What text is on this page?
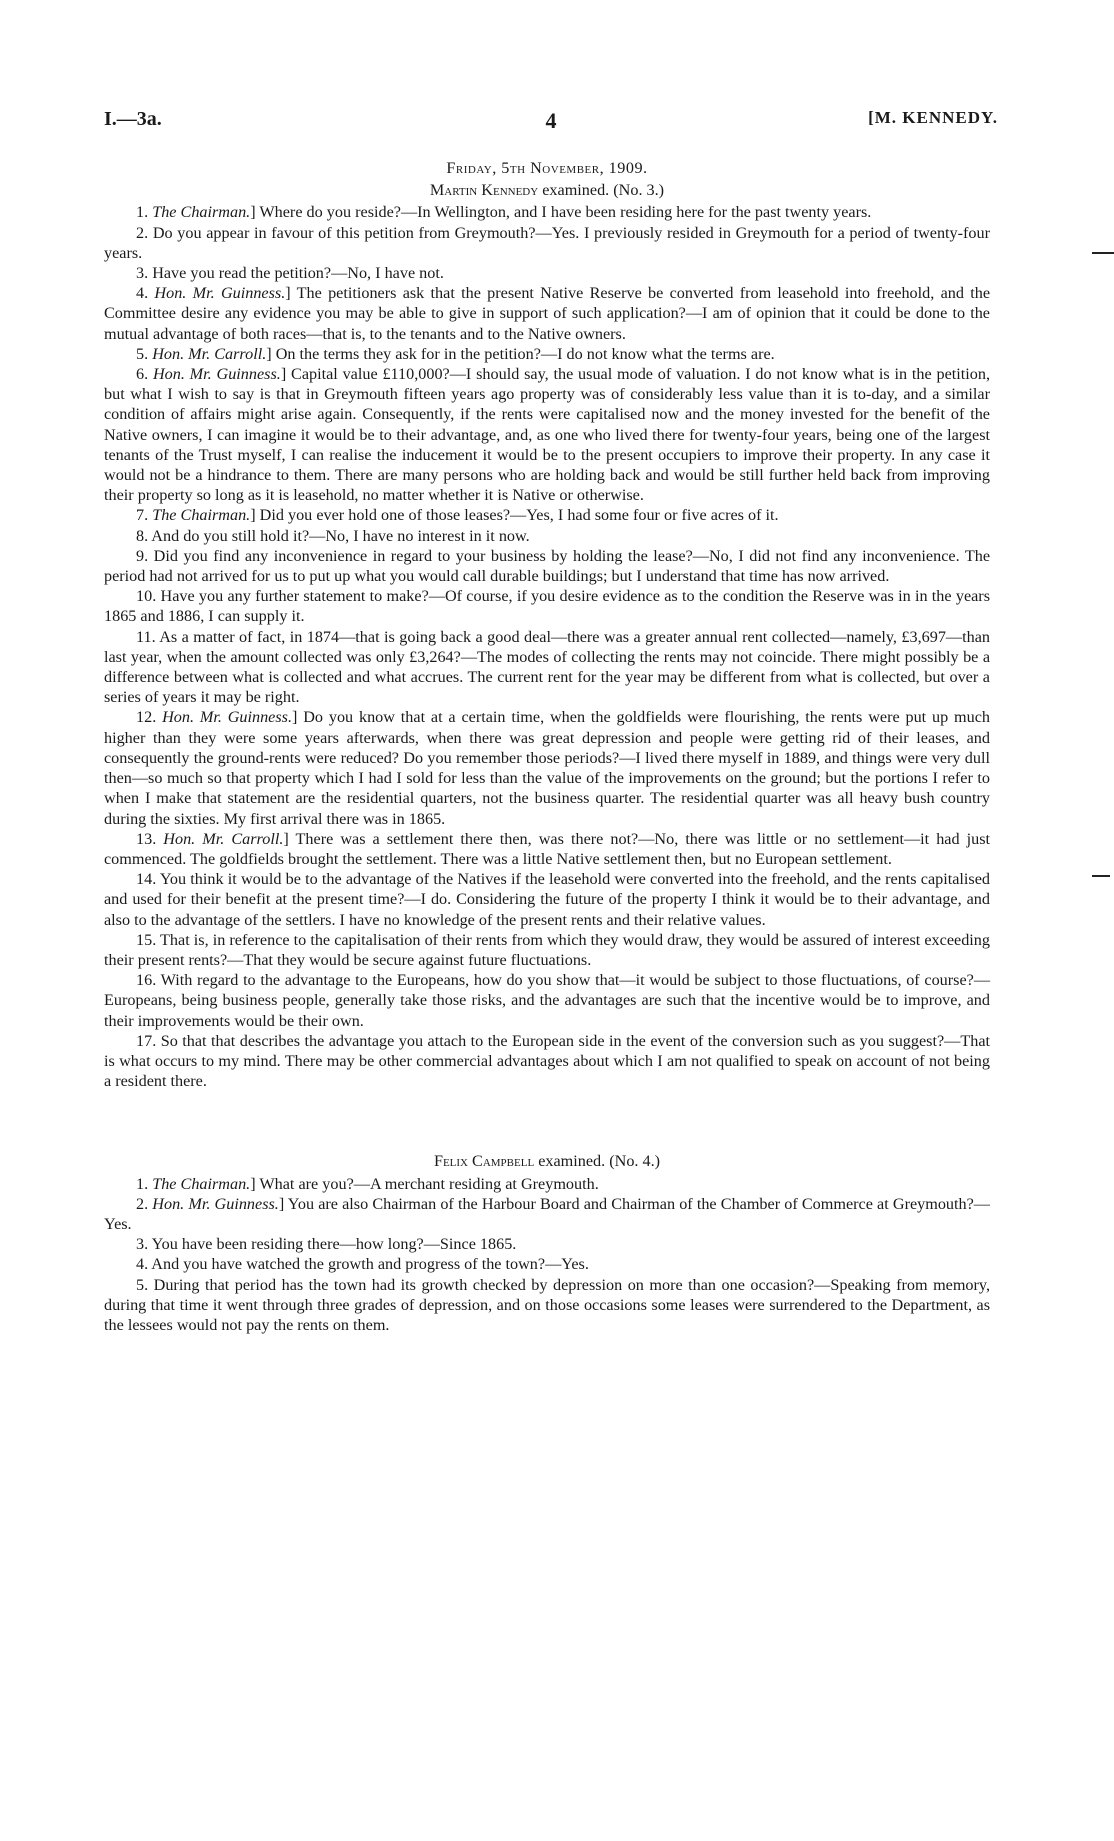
I.—3a.	4	[M. KENNEDY.

Friday, 5th November, 1909.

Martin Kennedy examined. (No. 3.)

1. The Chairman.] Where do you reside?—In Wellington, and I have been residing here for the past twenty years.

2. Do you appear in favour of this petition from Greymouth?—Yes. I previously resided in Greymouth for a period of twenty-four years.

3. Have you read the petition?—No, I have not.

4. Hon. Mr. Guinness.] The petitioners ask that the present Native Reserve be converted from leasehold into freehold, and the Committee desire any evidence you may be able to give in support of such application?—I am of opinion that it could be done to the mutual advantage of both races—that is, to the tenants and to the Native owners.

5. Hon. Mr. Carroll.] On the terms they ask for in the petition?—I do not know what the terms are.

6. Hon. Mr. Guinness.] Capital value £110,000?—I should say, the usual mode of valuation. I do not know what is in the petition, but what I wish to say is that in Greymouth fifteen years ago property was of considerably less value than it is to-day, and a similar condition of affairs might arise again. Consequently, if the rents were capitalised now and the money invested for the benefit of the Native owners, I can imagine it would be to their advantage, and, as one who lived there for twenty-four years, being one of the largest tenants of the Trust myself, I can realise the inducement it would be to the present occupiers to improve their property. In any case it would not be a hindrance to them. There are many persons who are holding back and would be still further held back from improving their property so long as it is leasehold, no matter whether it is Native or otherwise.

7. The Chairman.] Did you ever hold one of those leases?—Yes, I had some four or five acres of it.

8. And do you still hold it?—No, I have no interest in it now.

9. Did you find any inconvenience in regard to your business by holding the lease?—No, I did not find any inconvenience. The period had not arrived for us to put up what you would call durable buildings; but I understand that time has now arrived.

10. Have you any further statement to make?—Of course, if you desire evidence as to the condition the Reserve was in in the years 1865 and 1886, I can supply it.

11. As a matter of fact, in 1874—that is going back a good deal—there was a greater annual rent collected—namely, £3,697—than last year, when the amount collected was only £3,264?—The modes of collecting the rents may not coincide. There might possibly be a difference between what is collected and what accrues. The current rent for the year may be different from what is collected, but over a series of years it may be right.

12. Hon. Mr. Guinness.] Do you know that at a certain time, when the goldfields were flourishing, the rents were put up much higher than they were some years afterwards, when there was great depression and people were getting rid of their leases, and consequently the ground-rents were reduced? Do you remember those periods?—I lived there myself in 1889, and things were very dull then—so much so that property which I had I sold for less than the value of the improvements on the ground; but the portions I refer to when I make that statement are the residential quarters, not the business quarter. The residential quarter was all heavy bush country during the sixties. My first arrival there was in 1865.

13. Hon. Mr. Carroll.] There was a settlement there then, was there not?—No, there was little or no settlement—it had just commenced. The goldfields brought the settlement. There was a little Native settlement then, but no European settlement.

14. You think it would be to the advantage of the Natives if the leasehold were converted into the freehold, and the rents capitalised and used for their benefit at the present time?—I do. Considering the future of the property I think it would be to their advantage, and also to the advantage of the settlers. I have no knowledge of the present rents and their relative values.

15. That is, in reference to the capitalisation of their rents from which they would draw, they would be assured of interest exceeding their present rents?—That they would be secure against future fluctuations.

16. With regard to the advantage to the Europeans, how do you show that—it would be subject to those fluctuations, of course?—Europeans, being business people, generally take those risks, and the advantages are such that the incentive would be to improve, and their improvements would be their own.

17. So that that describes the advantage you attach to the European side in the event of the conversion such as you suggest?—That is what occurs to my mind. There may be other commercial advantages about which I am not qualified to speak on account of not being a resident there.

Felix Campbell examined. (No. 4.)

1. The Chairman.] What are you?—A merchant residing at Greymouth.

2. Hon. Mr. Guinness.] You are also Chairman of the Harbour Board and Chairman of the Chamber of Commerce at Greymouth?—Yes.

3. You have been residing there—how long?—Since 1865.

4. And you have watched the growth and progress of the town?—Yes.

5. During that period has the town had its growth checked by depression on more than one occasion?—Speaking from memory, during that time it went through three grades of depression, and on those occasions some leases were surrendered to the Department, as the lessees would not pay the rents on them.
